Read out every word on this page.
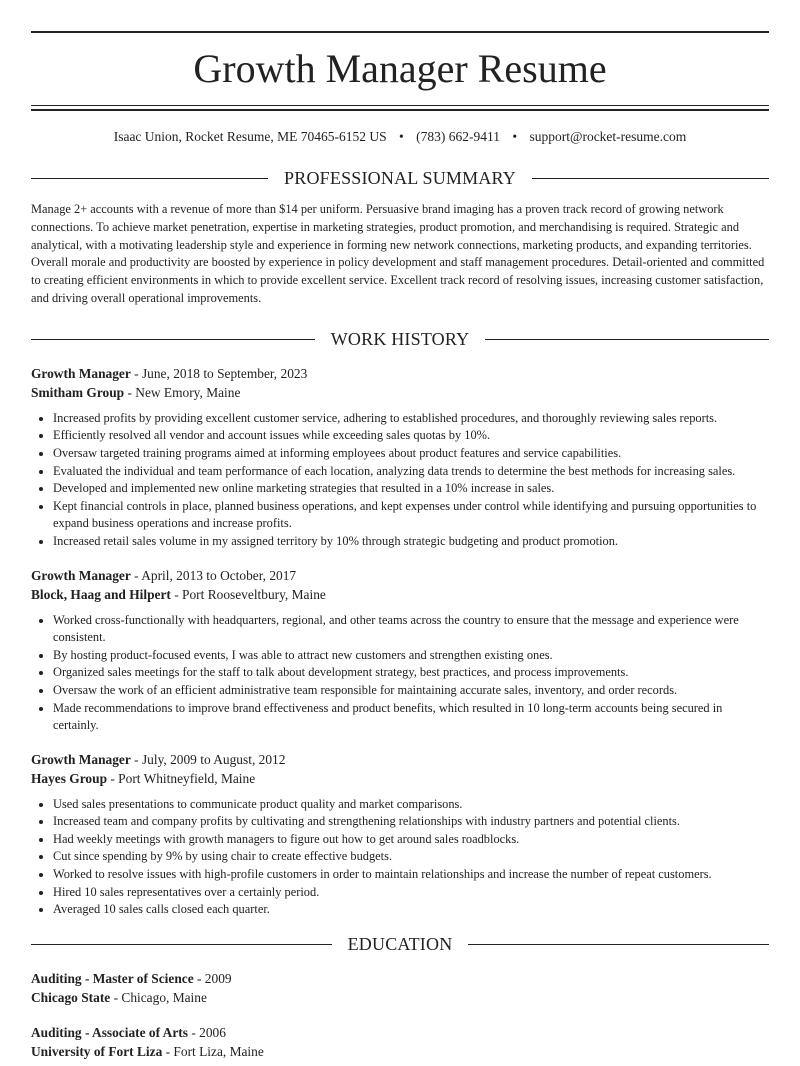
Growth Manager Resume
Isaac Union, Rocket Resume, ME 70465-6152 US • (783) 662-9411 • support@rocket-resume.com
PROFESSIONAL SUMMARY
Manage 2+ accounts with a revenue of more than $14 per uniform. Persuasive brand imaging has a proven track record of growing network connections. To achieve market penetration, expertise in marketing strategies, product promotion, and merchandising is required. Strategic and analytical, with a motivating leadership style and experience in forming new network connections, marketing products, and expanding territories. Overall morale and productivity are boosted by experience in policy development and staff management procedures. Detail-oriented and committed to creating efficient environments in which to provide excellent service. Excellent track record of resolving issues, increasing customer satisfaction, and driving overall operational improvements.
WORK HISTORY
Growth Manager - June, 2018 to September, 2023
Smitham Group - New Emory, Maine
• Increased profits by providing excellent customer service, adhering to established procedures, and thoroughly reviewing sales reports.
• Efficiently resolved all vendor and account issues while exceeding sales quotas by 10%.
• Oversaw targeted training programs aimed at informing employees about product features and service capabilities.
• Evaluated the individual and team performance of each location, analyzing data trends to determine the best methods for increasing sales.
• Developed and implemented new online marketing strategies that resulted in a 10% increase in sales.
• Kept financial controls in place, planned business operations, and kept expenses under control while identifying and pursuing opportunities to expand business operations and increase profits.
• Increased retail sales volume in my assigned territory by 10% through strategic budgeting and product promotion.
Growth Manager - April, 2013 to October, 2017
Block, Haag and Hilpert - Port Rooseveltbury, Maine
• Worked cross-functionally with headquarters, regional, and other teams across the country to ensure that the message and experience were consistent.
• By hosting product-focused events, I was able to attract new customers and strengthen existing ones.
• Organized sales meetings for the staff to talk about development strategy, best practices, and process improvements.
• Oversaw the work of an efficient administrative team responsible for maintaining accurate sales, inventory, and order records.
• Made recommendations to improve brand effectiveness and product benefits, which resulted in 10 long-term accounts being secured in certainly.
Growth Manager - July, 2009 to August, 2012
Hayes Group - Port Whitneyfield, Maine
• Used sales presentations to communicate product quality and market comparisons.
• Increased team and company profits by cultivating and strengthening relationships with industry partners and potential clients.
• Had weekly meetings with growth managers to figure out how to get around sales roadblocks.
• Cut since spending by 9% by using chair to create effective budgets.
• Worked to resolve issues with high-profile customers in order to maintain relationships and increase the number of repeat customers.
• Hired 10 sales representatives over a certainly period.
• Averaged 10 sales calls closed each quarter.
EDUCATION
Auditing - Master of Science - 2009
Chicago State - Chicago, Maine
Auditing - Associate of Arts - 2006
University of Fort Liza - Fort Liza, Maine
